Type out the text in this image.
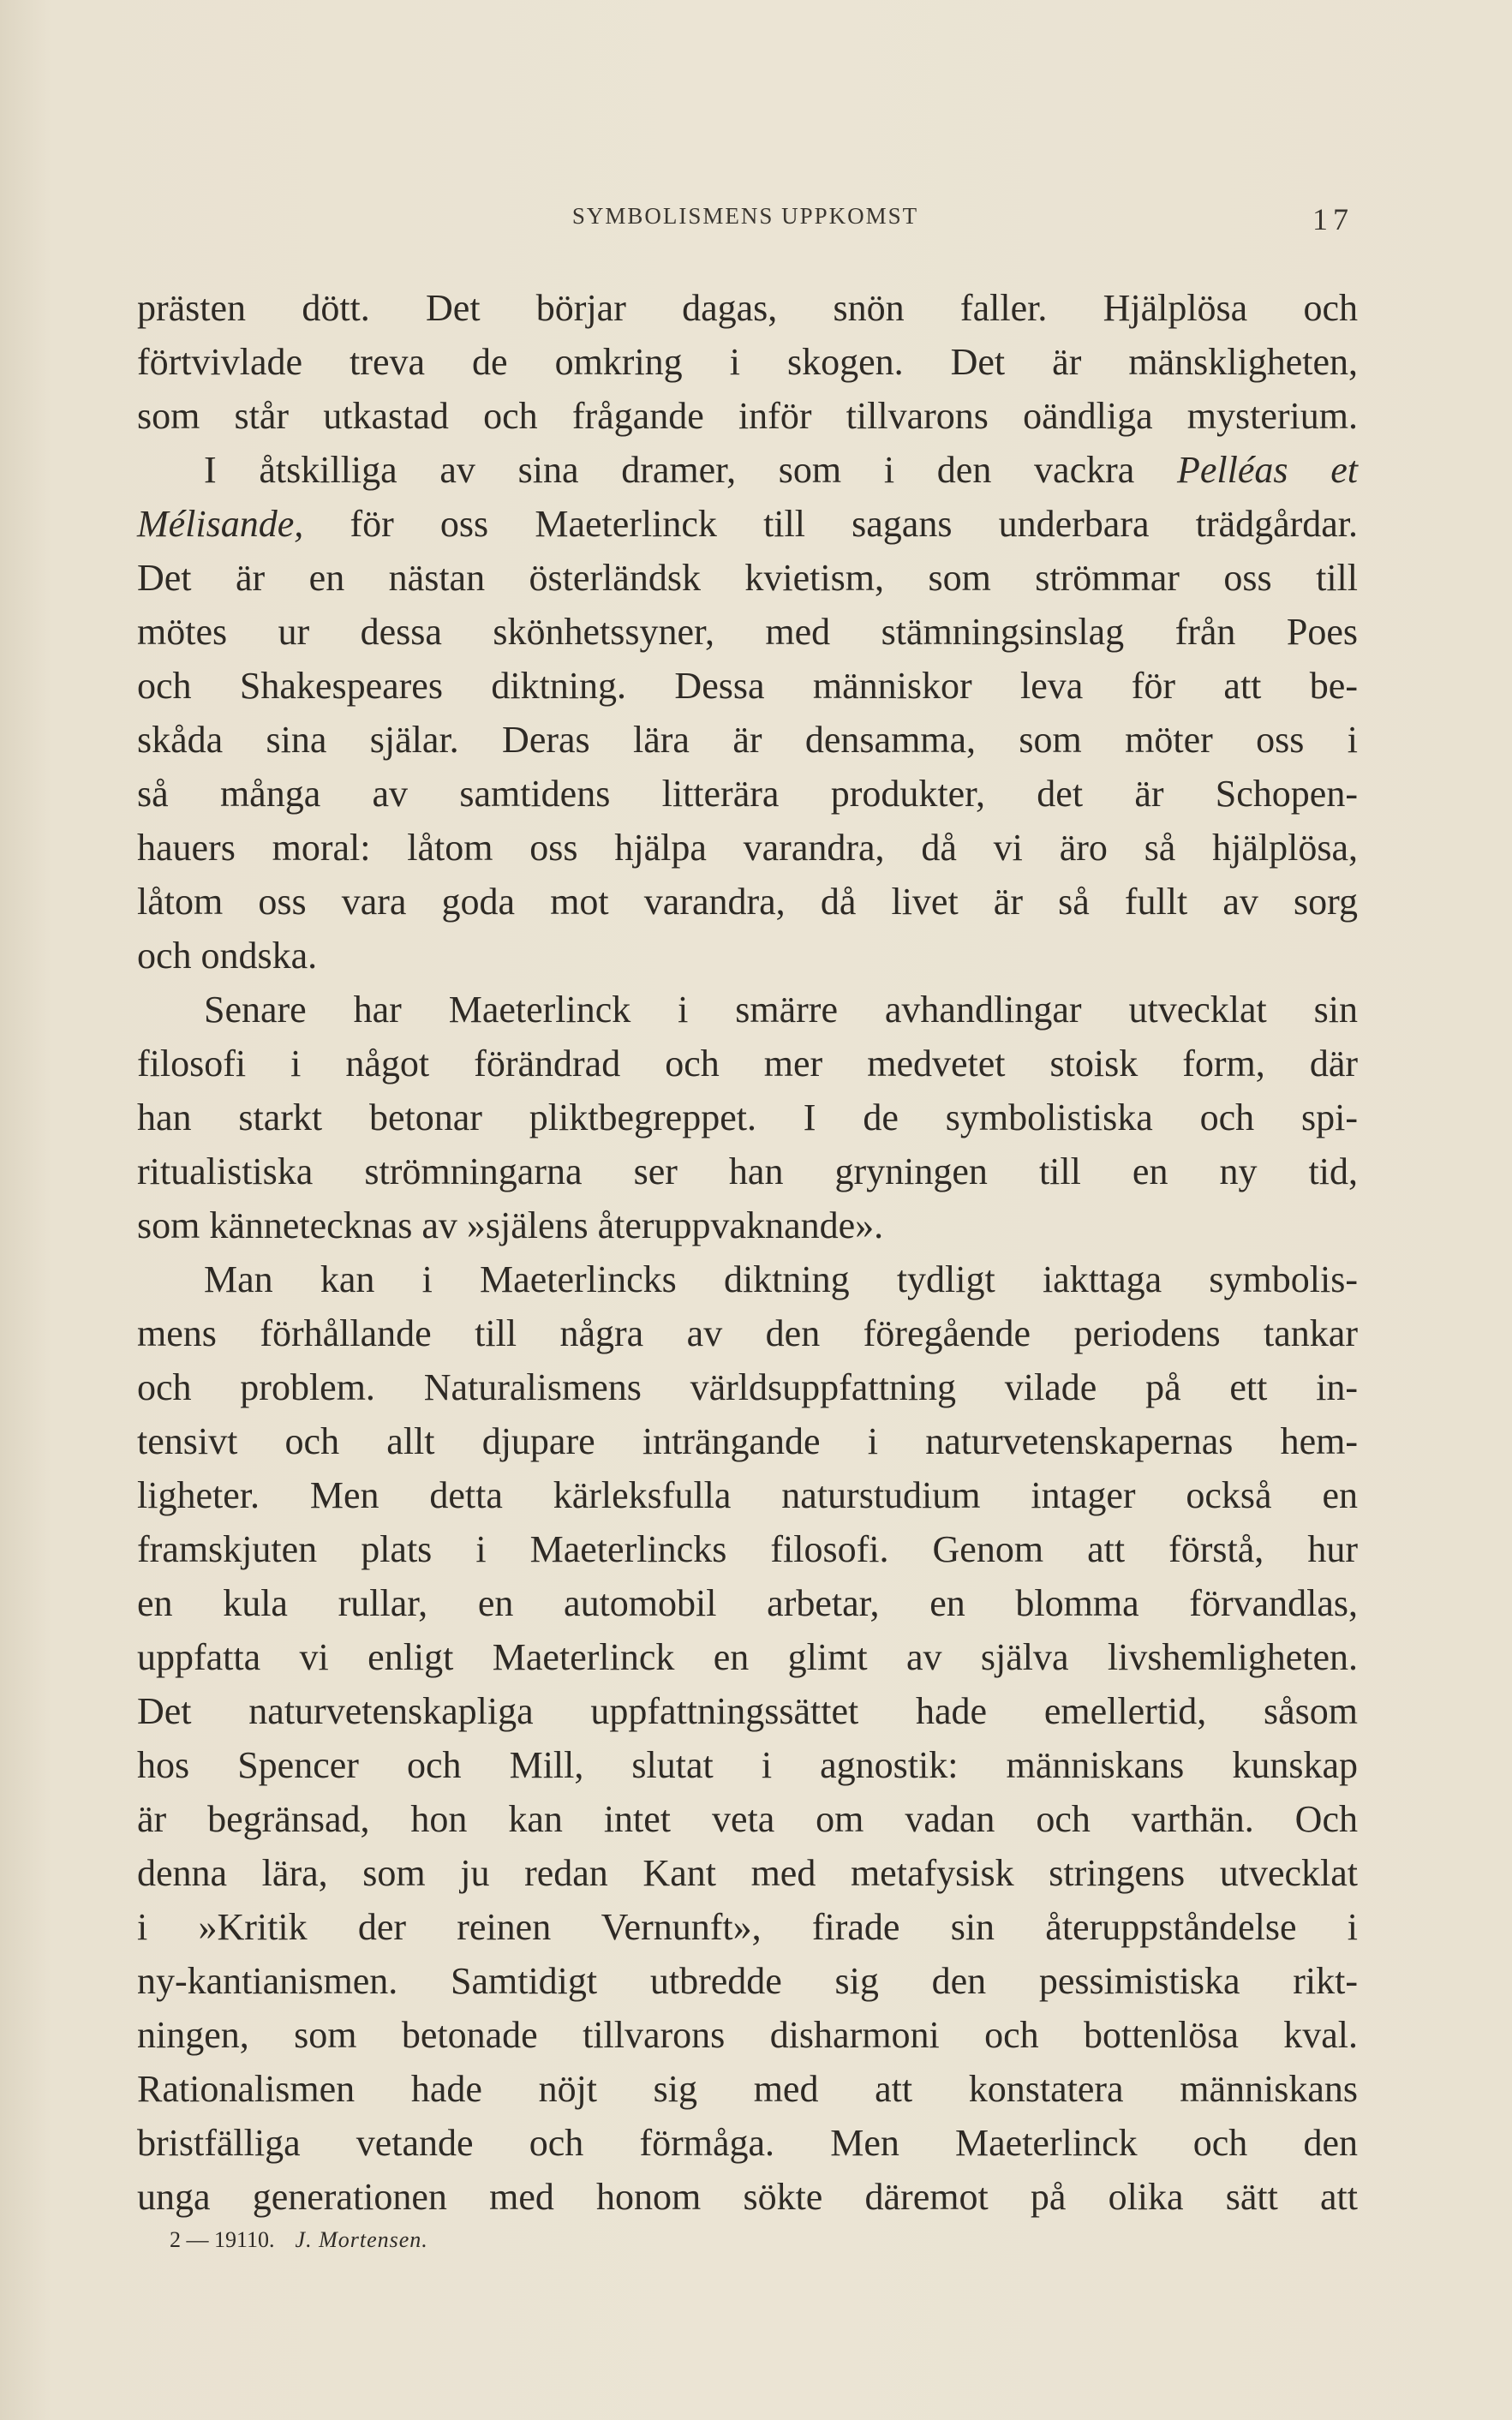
SYMBOLISMENS UPPKOMST	17
prästen dött. Det börjar dagas, snön faller. Hjälplösa och
förtvivlade treva de omkring i skogen. Det är mänskligheten,
som står utkastad och frågande inför tillvarons oändliga mysterium.
I åtskilliga av sina dramer, som i den vackra Pelléas et
Mélisande, för oss Maeterlinck till sagans underbara trädgårdar.
Det är en nästan österländsk kvietism, som strömmar oss till
mötes ur dessa skönhetssyner, med stämningsinslag från Poes
och Shakespeares diktning. Dessa människor leva för att be-
skåda sina själar. Deras lära är densamma, som möter oss i
så många av samtidens litterära produkter, det är Schopen-
hauers moral: låtom oss hjälpa varandra, då vi äro så hjälplösa,
låtom oss vara goda mot varandra, då livet är så fullt av sorg
och ondska.
Senare har Maeterlinck i smärre avhandlingar utvecklat sin
filosofi i något förändrad och mer medvetet stoisk form, där
han starkt betonar pliktbegreppet. I de symbolistiska och spi-
ritualistiska strömningarna ser han gryningen till en ny tid,
som kännetecknas av »själens återuppvaknande».
Man kan i Maeterlincks diktning tydligt iakttaga symbolis-
mens förhållande till några av den föregående periodens tankar
och problem. Naturalismens världsuppfattning vilade på ett in-
tensivt och allt djupare inträngande i naturvetenskapernas hem-
ligheter. Men detta kärleksfulla naturstudium intager också en
framskjuten plats i Maeterlincks filosofi. Genom att förstå, hur
en kula rullar, en automobil arbetar, en blomma förvandlas,
uppfatta vi enligt Maeterlinck en glimt av själva livshemligheten.
Det naturvetenskapliga uppfattningssättet hade emellertid, såsom
hos Spencer och Mill, slutat i agnostik: människans kunskap
är begränsad, hon kan intet veta om vadan och varthän. Och
denna lära, som ju redan Kant med metafysisk stringens utvecklat
i »Kritik der reinen Vernunft», firade sin återuppståndelse i
ny-kantianismen. Samtidigt utbredde sig den pessimistiska rikt-
ningen, som betonade tillvarons disharmoni och bottenlösa kval.
Rationalismen hade nöjt sig med att konstatera människans
bristfälliga vetande och förmåga. Men Maeterlinck och den
unga generationen med honom sökte däremot på olika sätt att
2 — 19110. J. Mortensen.
